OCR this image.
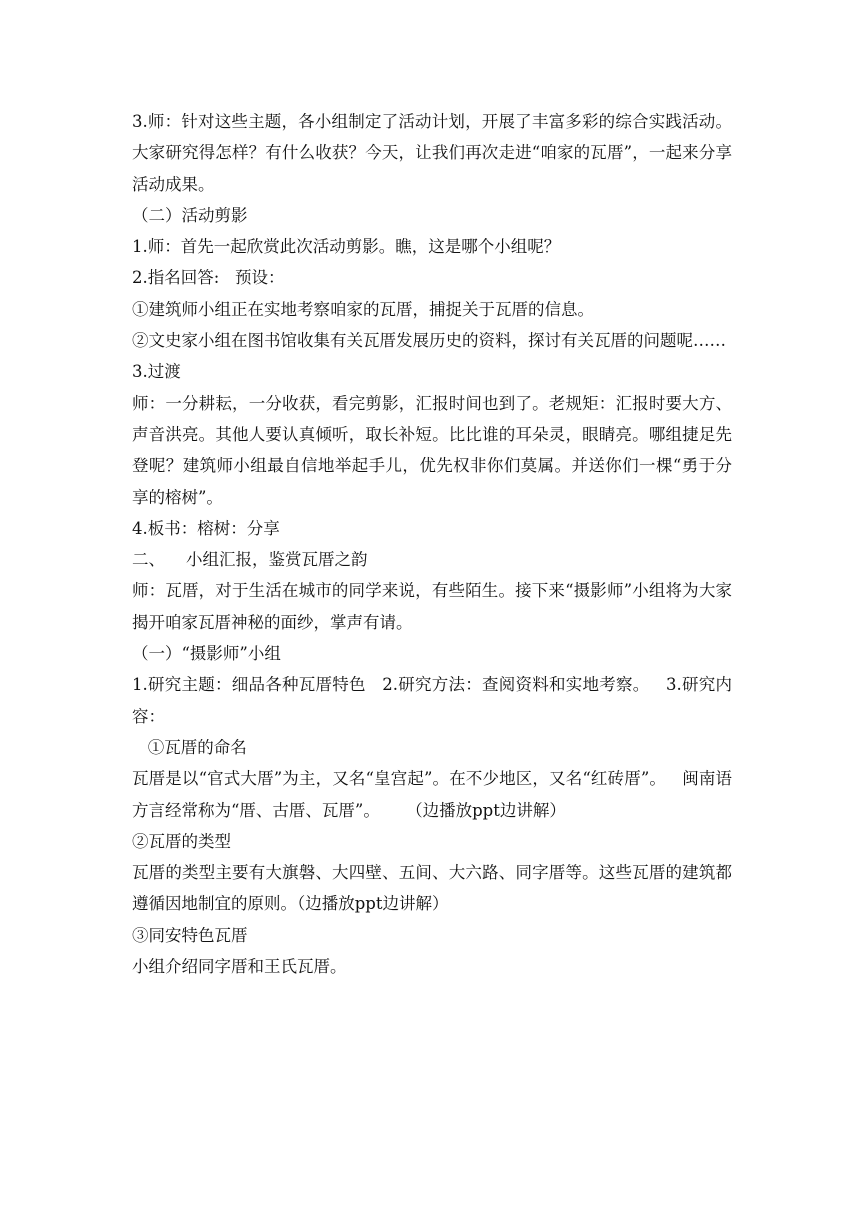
3.师：针对这些主题，各小组制定了活动计划，开展了丰富多彩的综合实践活动。大家研究得怎样？有什么收获？今天，让我们再次走进“咱家的瓦厝”，一起来分享活动成果。

（二）活动剪影

1.师：首先一起欣赏此次活动剪影。瞧，这是哪个小组呢？

2.指名回答:   预设：

①建筑师小组正在实地考察咱家的瓦厝，捕捉关于瓦厝的信息。

②文史家小组在图书馆收集有关瓦厝发展历史的资料，探讨有关瓦厝的问题呢……

3.过渡

师：一分耕耘，一分收获，看完剪影，汇报时间也到了。老规矩：汇报时要大方、声音洪亮。其他人要认真倾听，取长补短。比比谁的耳朵灵，眼睛亮。哪组捷足先登呢？建筑师小组最自信地举起手儿，优先权非你们莫属。并送你们一棵“勇于分享的榕树”。

4.板书：榕树：分享

二、    小组汇报，鉴赏瓦厝之韵

师：瓦厝，对于生活在城市的同学来说，有些陌生。接下来“摄影师”小组将为大家揭开咱家瓦厝神秘的面纱，掌声有请。

（一）“摄影师”小组

1.研究主题：细品各种瓦厝特色   2.研究方法：查阅资料和实地考察。   3.研究内容：

①瓦厝的命名

瓦厝是以“官式大厝”为主，又名“皇宫起”。在不少地区，又名“红砖厝”。   闽南语方言经常称为“厝、古厝、瓦厝”。     （边播放ppt边讲解）

②瓦厝的类型

瓦厝的类型主要有大旗磐、大四壁、五间、大六路、同字厝等。这些瓦厝的建筑都遵循因地制宜的原则。（边播放ppt边讲解）

③同安特色瓦厝

小组介绍同字厝和王氏瓦厝。
